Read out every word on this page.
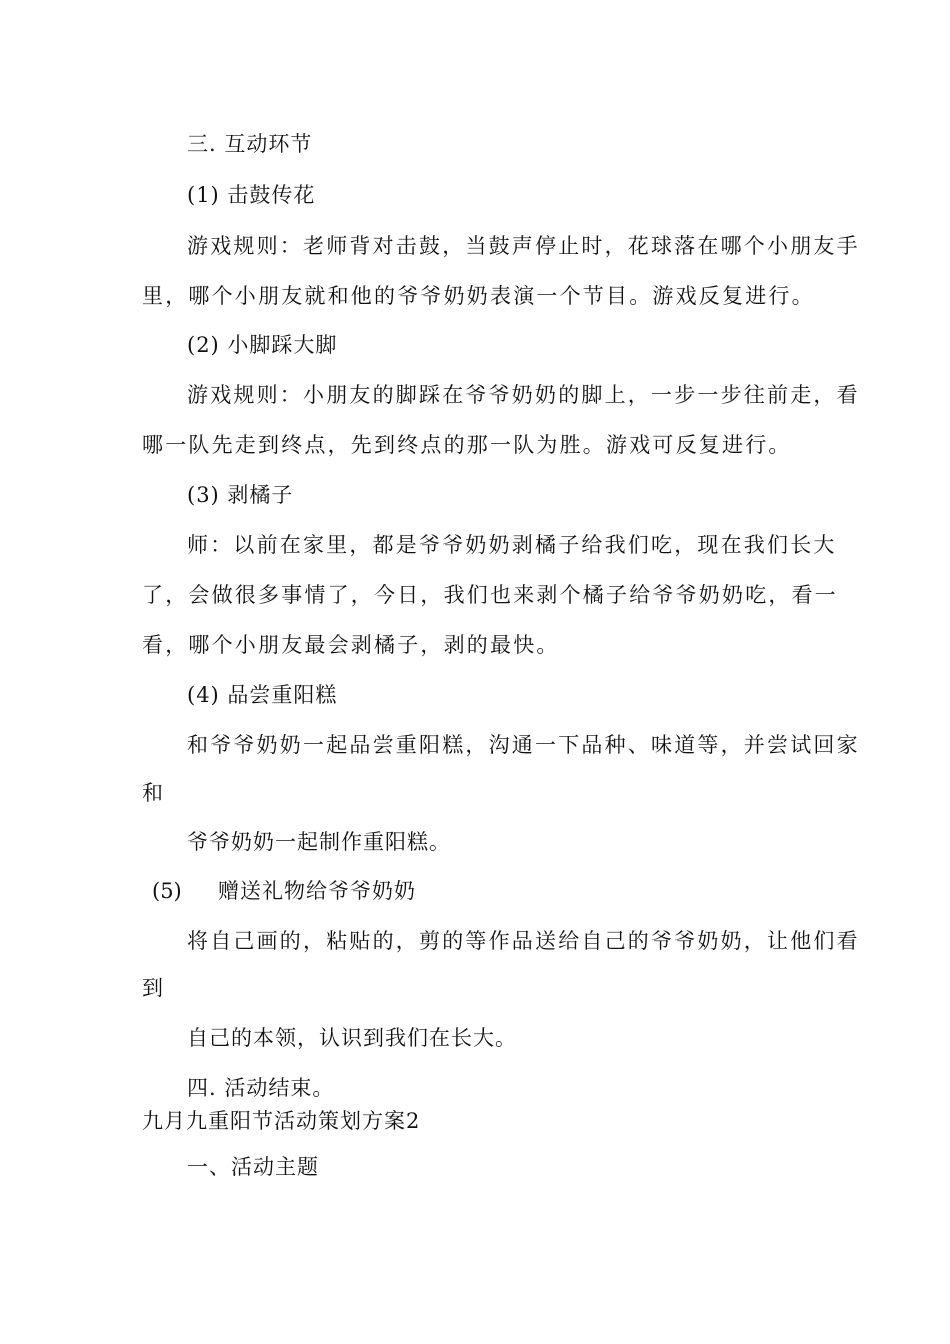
三. 互动环节
(1) 击鼓传花
游戏规则：老师背对击鼓，当鼓声停止时，花球落在哪个小朋友手
里，哪个小朋友就和他的爷爷奶奶表演一个节目。游戏反复进行。
(2) 小脚踩大脚
游戏规则：小朋友的脚踩在爷爷奶奶的脚上，一步一步往前走，看
哪一队先走到终点，先到终点的那一队为胜。游戏可反复进行。
(3) 剥橘子
师：以前在家里，都是爷爷奶奶剥橘子给我们吃，现在我们长大
了，会做很多事情了，今日，我们也来剥个橘子给爷爷奶奶吃，看一
看，哪个小朋友最会剥橘子，剥的最快。
(4) 品尝重阳糕
和爷爷奶奶一起品尝重阳糕，沟通一下品种、味道等，并尝试回家
和
爷爷奶奶一起制作重阳糕。
(5) 赠送礼物给爷爷奶奶
将自己画的，粘贴的，剪的等作品送给自己的爷爷奶奶，让他们看
到
自己的本领，认识到我们在长大。
四. 活动结束。
九月九重阳节活动策划方案2
一、活动主题
